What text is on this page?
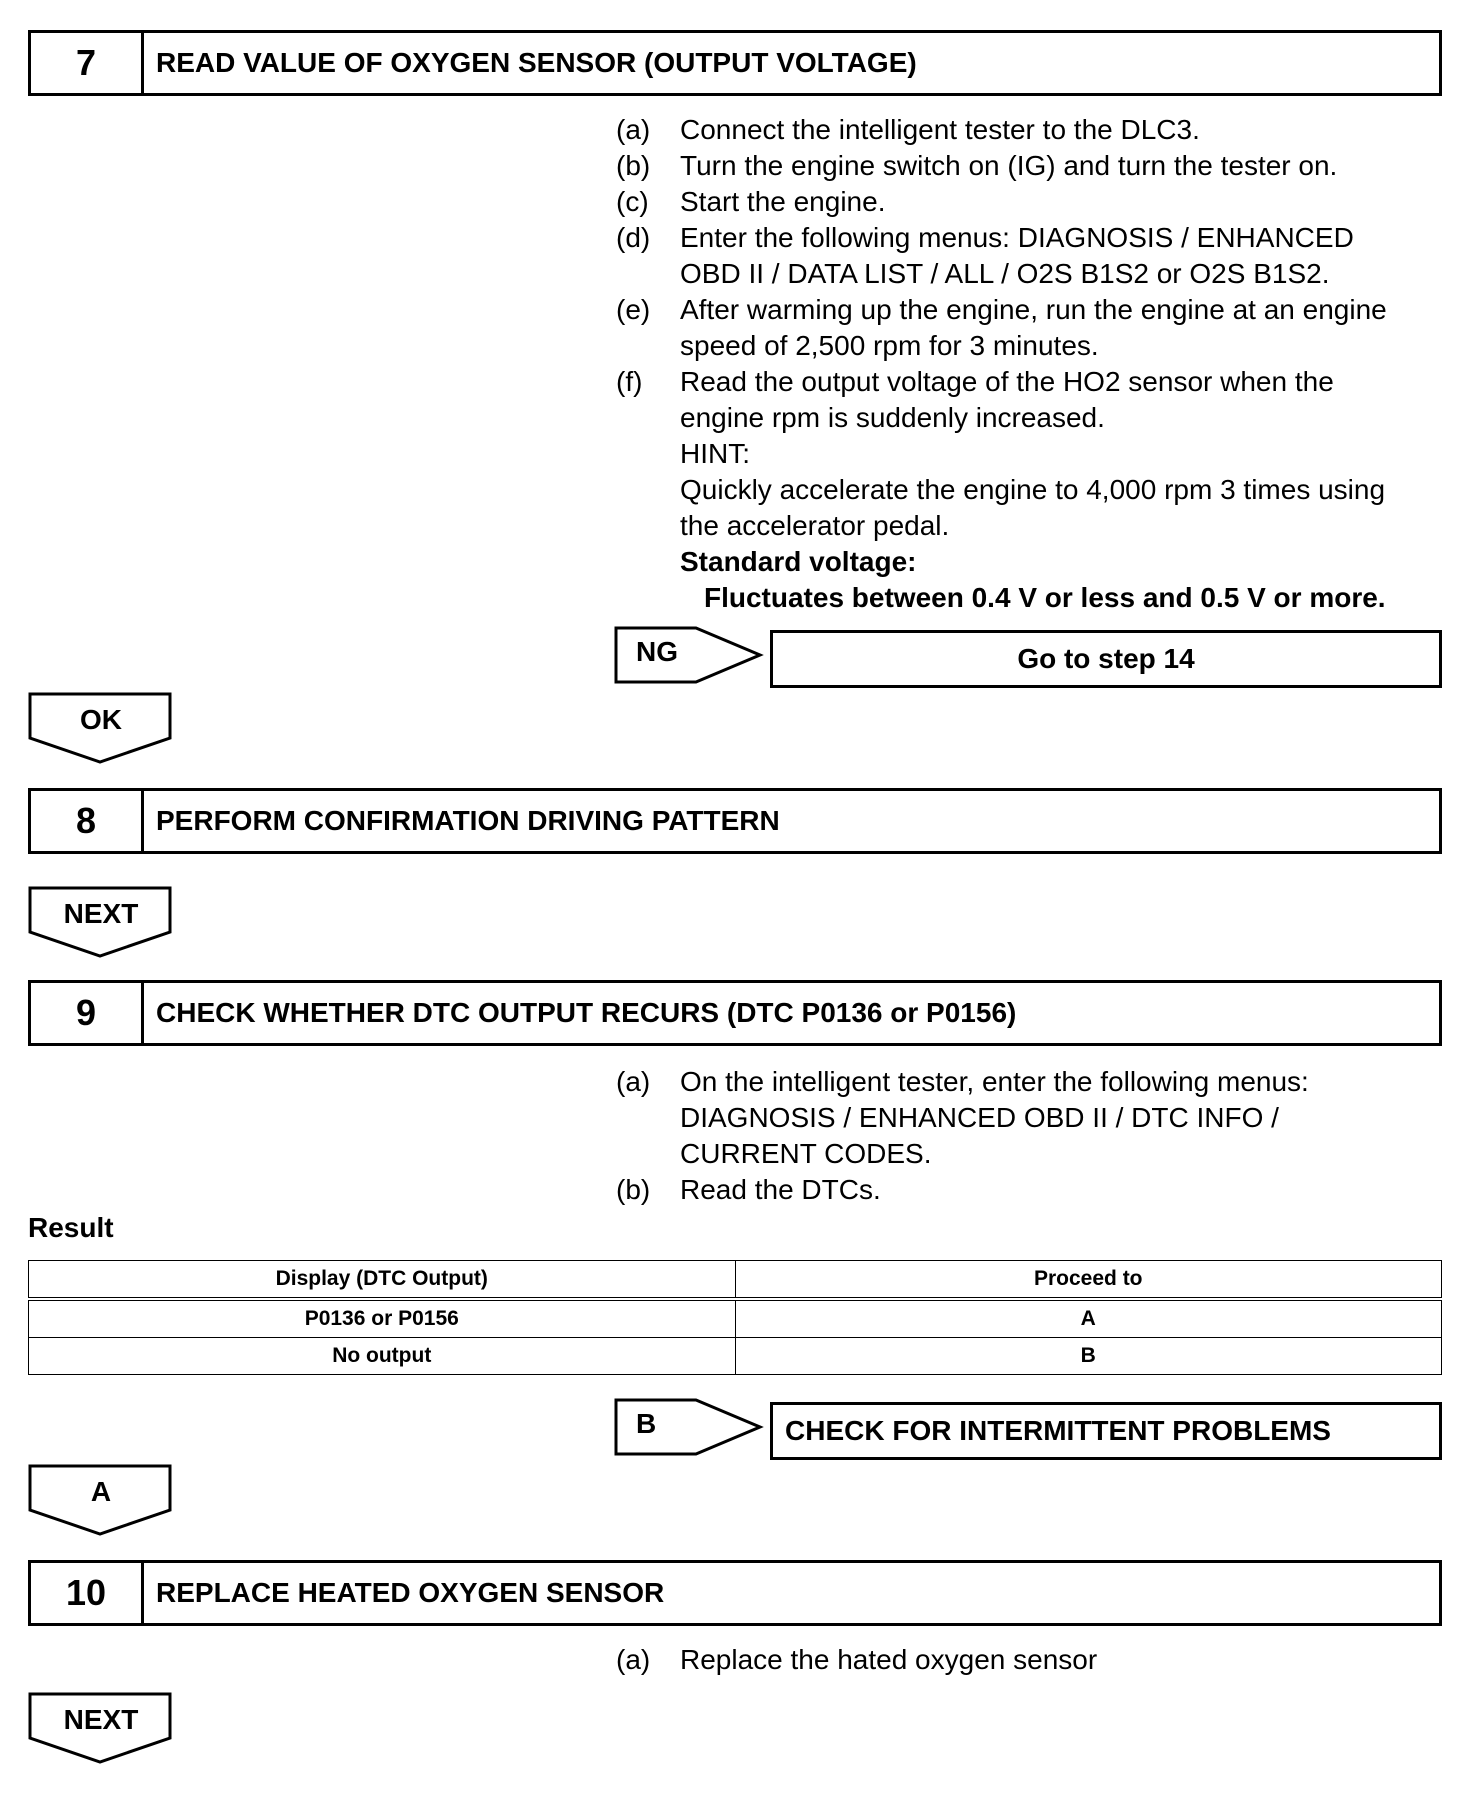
7	READ VALUE OF OXYGEN SENSOR (OUTPUT VOLTAGE)
(a)	Connect the intelligent tester to the DLC3.
(b)	Turn the engine switch on (IG) and turn the tester on.
(c)	Start the engine.
(d)	Enter the following menus: DIAGNOSIS / ENHANCED
OBD II / DATA LIST / ALL / O2S B1S2 or O2S B1S2.
(e)	After warming up the engine, run the engine at an engine
speed of 2,500 rpm for 3 minutes.
(f)	Read the output voltage of the HO2 sensor when the
engine rpm is suddenly increased.
HINT:
Quickly accelerate the engine to 4,000 rpm 3 times using
the accelerator pedal.
Standard voltage:
Fluctuates between 0.4 V or less and 0.5 V or more.
NG	Go to step 14
OK
8	PERFORM CONFIRMATION DRIVING PATTERN
NEXT
9	CHECK WHETHER DTC OUTPUT RECURS (DTC P0136 or P0156)
(a)	On the intelligent tester, enter the following menus:
DIAGNOSIS / ENHANCED OBD II / DTC INFO /
CURRENT CODES.
(b)	Read the DTCs.
Result
Display (DTC Output)	Proceed to
P0136 or P0156	A
No output	B
B	CHECK FOR INTERMITTENT PROBLEMS
A
10	REPLACE HEATED OXYGEN SENSOR
(a)	Replace the hated oxygen sensor
NEXT
